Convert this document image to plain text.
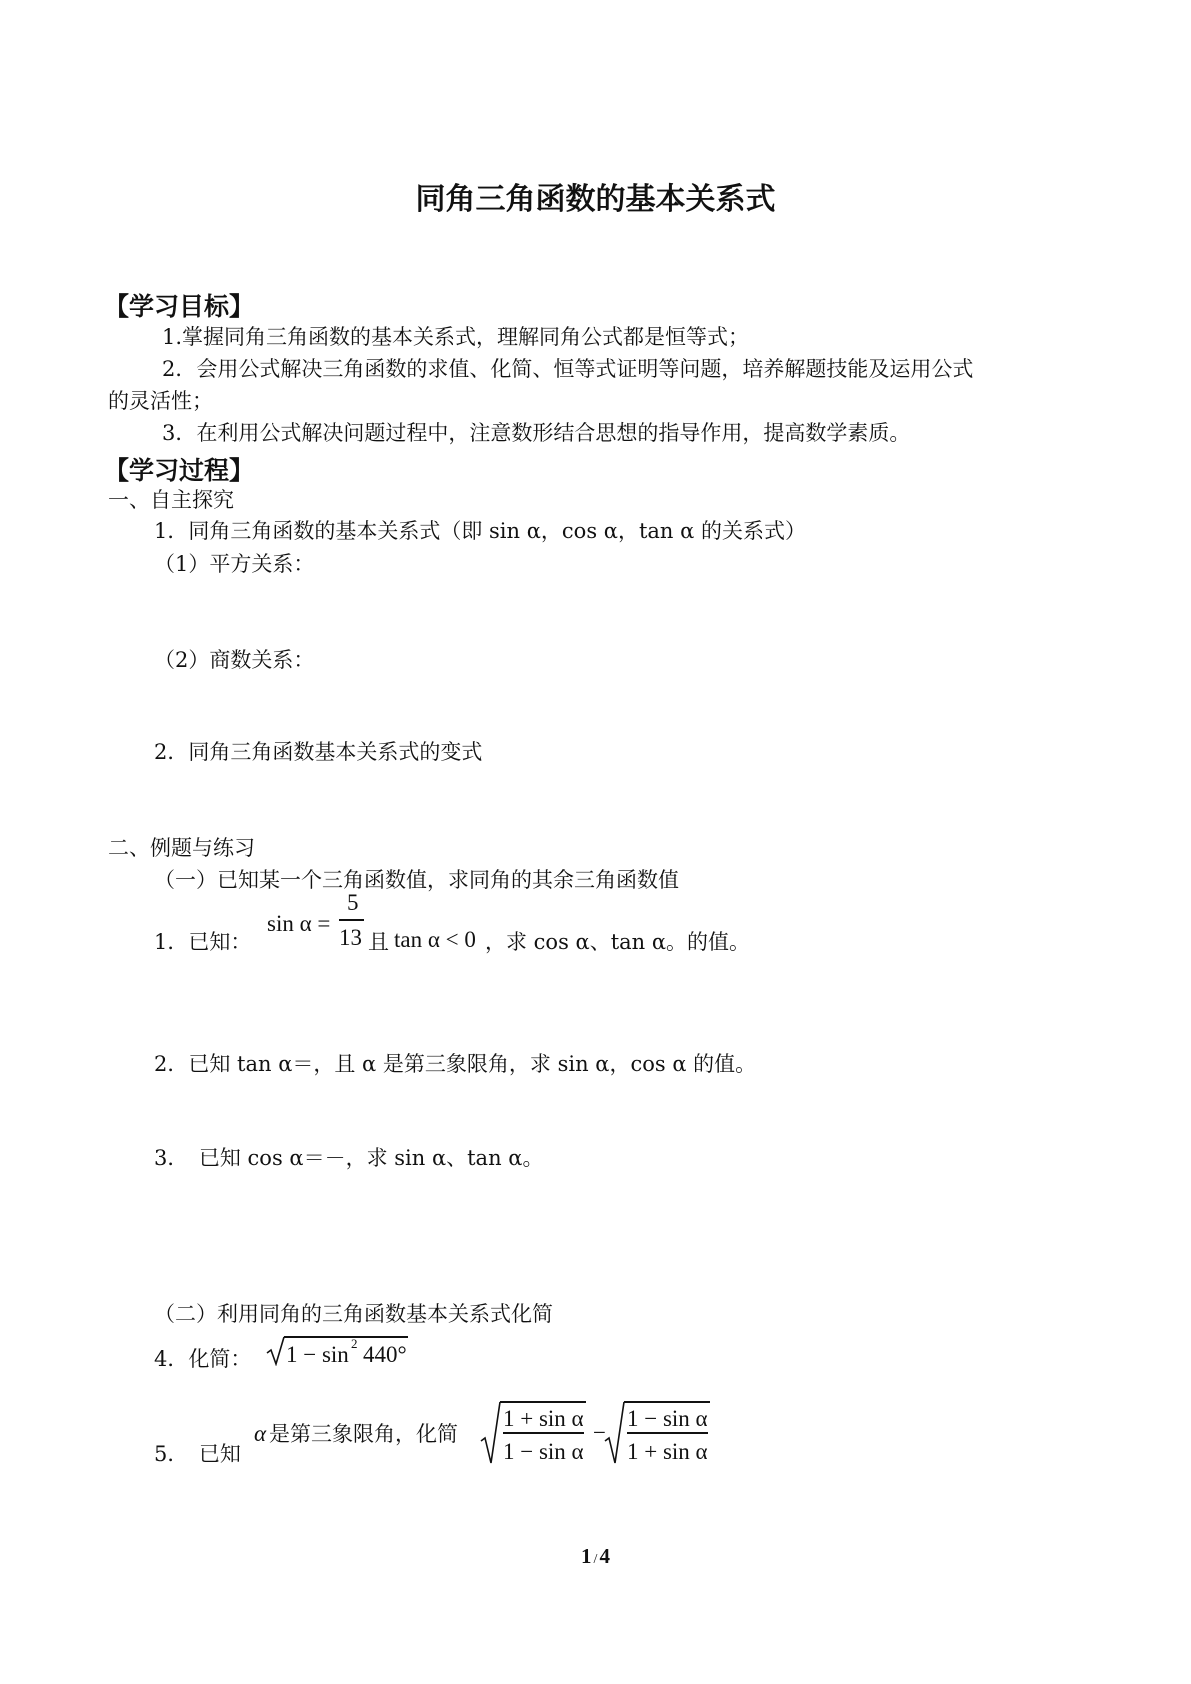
同角三角函数的基本关系式
【学习目标】
1.掌握同角三角函数的基本关系式，理解同角公式都是恒等式；
2．会用公式解决三角函数的求值、化简、恒等式证明等问题，培养解题技能及运用公式
的灵活性；
3．在利用公式解决问题过程中，注意数形结合思想的指导作用，提高数学素质。
【学习过程】
一、自主探究
1．同角三角函数的基本关系式（即 sin α，cos α，tan α 的关系式）
（1）平方关系：
（2）商数关系：
2．同角三角函数基本关系式的变式
二、例题与练习
（一）已知某一个三角函数值，求同角的其余三角函数值
1．已知：
sin α =
5
13 且 tan α < 0 ，求 cos α、tan α。的值。
2．已知 tan α＝，且 α 是第三象限角，求 sin α，cos α 的值。
3．　已知 cos α＝－，求 sin α、tan α。
（二）利用同角的三角函数基本关系式化简
4．化简： 1 − sin 2 440°
5．　已知
α 是第三象限角，化简
1 + sin α
1 − sin α
−
1 − sin α
1 + sin α
1 /4
